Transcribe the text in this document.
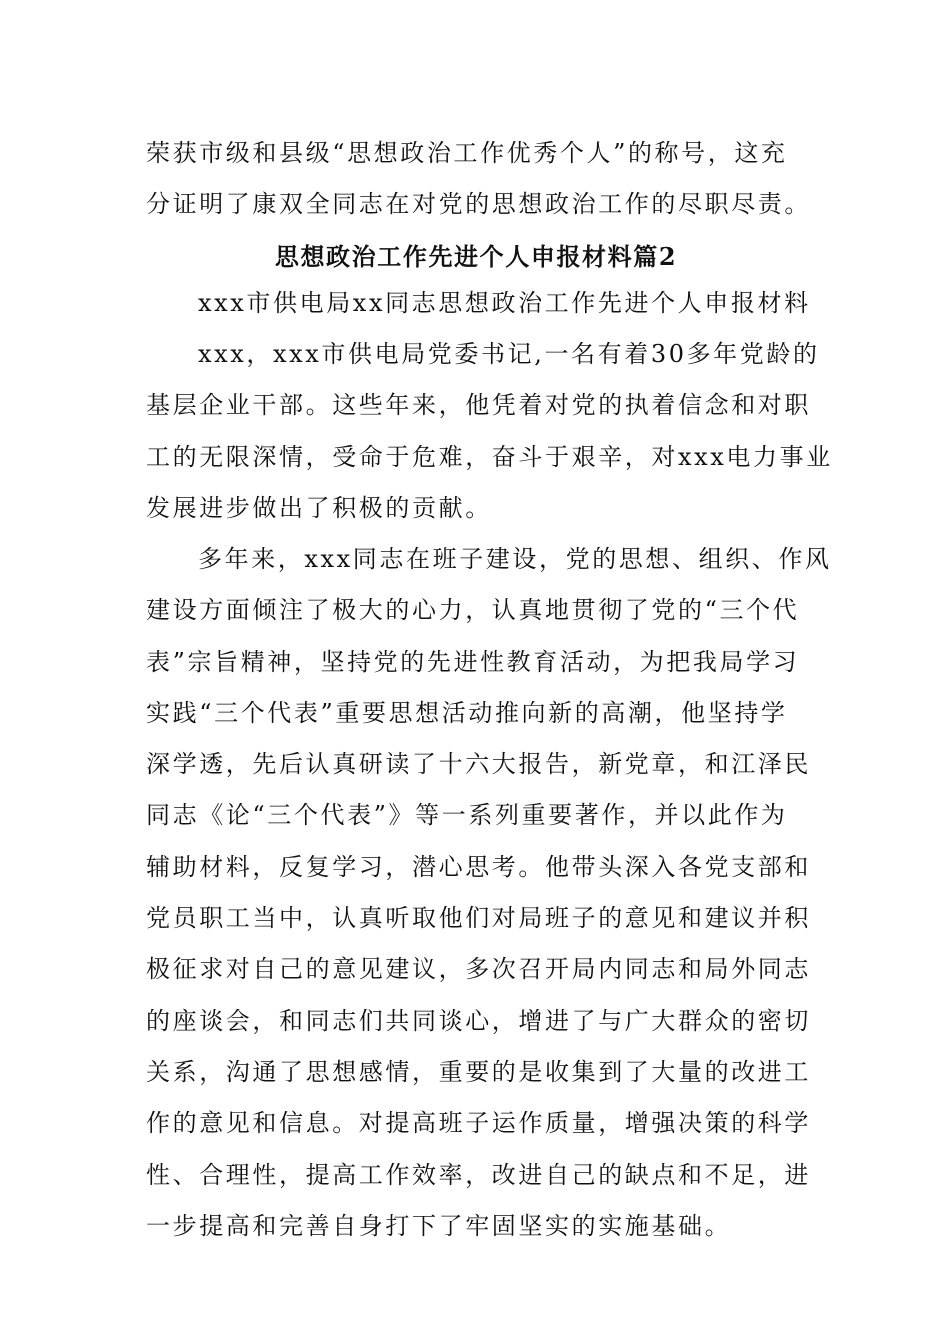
荣获市级和县级“思想政治工作优秀个人”的称号，这充
分证明了康双全同志在对党的思想政治工作的尽职尽责。
思想政治工作先进个人申报材料篇2
xxx市供电局xx同志思想政治工作先进个人申报材料
xxx，xxx市供电局党委书记,一名有着30多年党龄的
基层企业干部。这些年来，他凭着对党的执着信念和对职
工的无限深情，受命于危难，奋斗于艰辛，对xxx电力事业
发展进步做出了积极的贡献。
多年来，xxx同志在班子建设，党的思想、组织、作风
建设方面倾注了极大的心力，认真地贯彻了党的“三个代
表”宗旨精神，坚持党的先进性教育活动，为把我局学习
实践“三个代表”重要思想活动推向新的高潮，他坚持学
深学透，先后认真研读了十六大报告，新党章，和江泽民
同志《论“三个代表”》等一系列重要著作，并以此作为
辅助材料，反复学习，潜心思考。他带头深入各党支部和
党员职工当中，认真听取他们对局班子的意见和建议并积
极征求对自己的意见建议，多次召开局内同志和局外同志
的座谈会，和同志们共同谈心，增进了与广大群众的密切
关系，沟通了思想感情，重要的是收集到了大量的改进工
作的意见和信息。对提高班子运作质量，增强决策的科学
性、合理性，提高工作效率，改进自己的缺点和不足，进
一步提高和完善自身打下了牢固坚实的实施基础。
